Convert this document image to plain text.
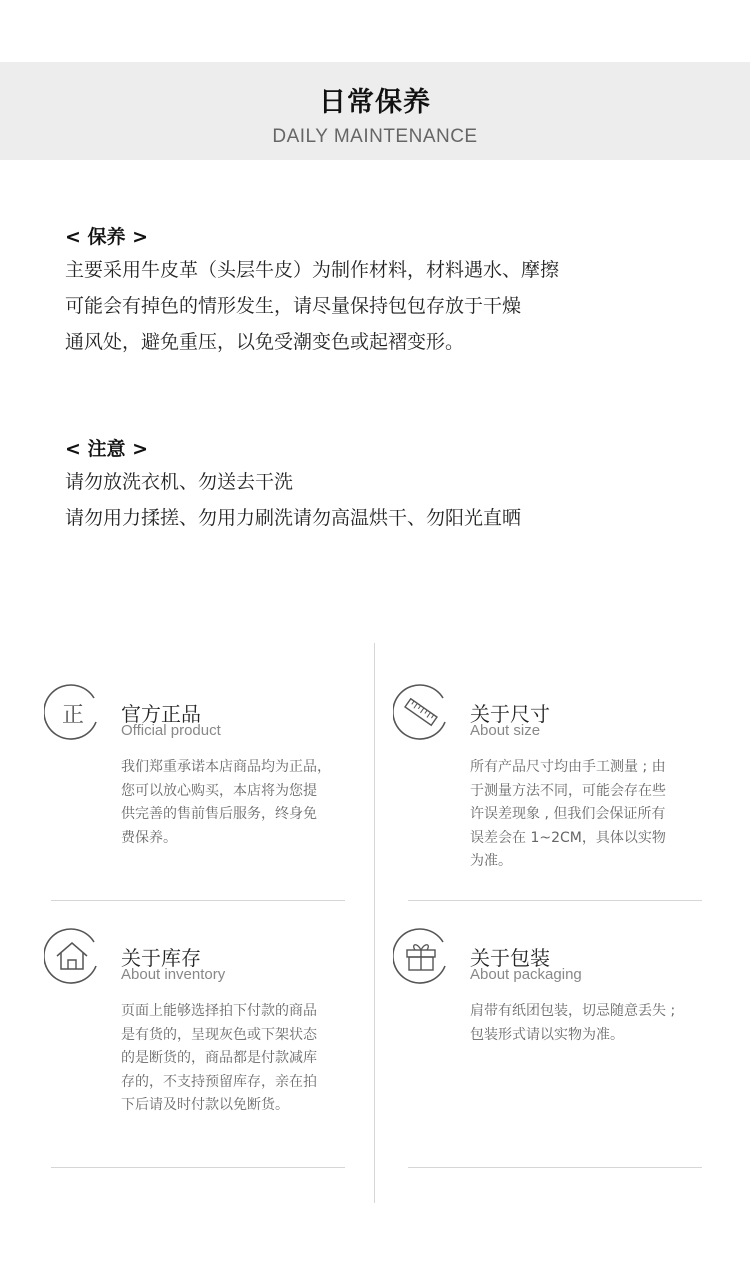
日常保养
DAILY MAINTENANCE
< 保养 >
主要采用牛皮革（头层牛皮）为制作材料，材料遇水、摩擦
可能会有掉色的情形发生，请尽量保持包包存放于干燥
通风处，避免重压，以免受潮变色或起褶变形。
< 注意 >
请勿放洗衣机、勿送去干洗
请勿用力揉搓、勿用力刷洗请勿高温烘干、勿阳光直晒
正 官方正品
Official product
我们郑重承诺本店商品均为正品，
您可以放心购买，本店将为您提
供完善的售前售后服务，终身免
费保养。
关于尺寸
About size
所有产品尺寸均由手工测量 ; 由
于测量方法不同，可能会存在些
许误差现象 , 但我们会保证所有
误差会在 1~2CM，具体以实物
为准。
关于库存
About inventory
页面上能够选择拍下付款的商品
是有货的，呈现灰色或下架状态
的是断货的，商品都是付款减库
存的，不支持预留库存，亲在拍
下后请及时付款以免断货。
关于包装
About packaging
肩带有纸团包装，切忌随意丢失 ;
包装形式请以实物为准。
